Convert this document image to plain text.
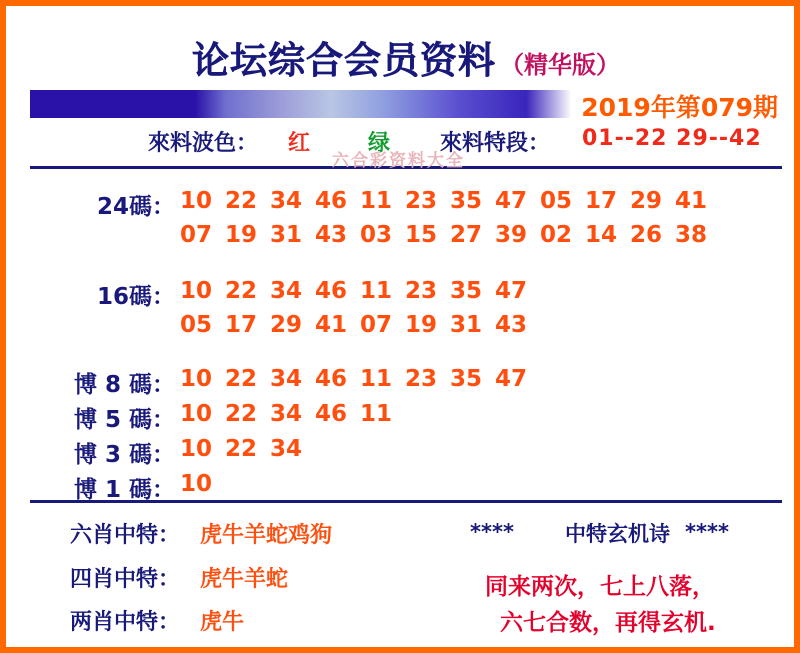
论坛综合会员资料 （精华版）
2019年第079期
來料波色： 红	绿 來料特段： 01--22 29--42
六合彩资料大全
24碼： 10 22 34 46 11 23 35 47 05 17 29 41
07 19 31 43 03 15 27 39 02 14 26 38
16碼： 10 22 34 46 11 23 35 47
05 17 29 41 07 19 31 43
博 8 碼： 10 22 34 46 11 23 35 47
博 5 碼： 10 22 34 46 11
博 3 碼： 10 22 34
博 1 碼： 10
六肖中特： 虎牛羊蛇鸡狗
四肖中特： 虎牛羊蛇
两肖中特： 虎牛
**** 中特玄机诗 ****
同来两次，七上八落，
六七合数，再得玄机.
